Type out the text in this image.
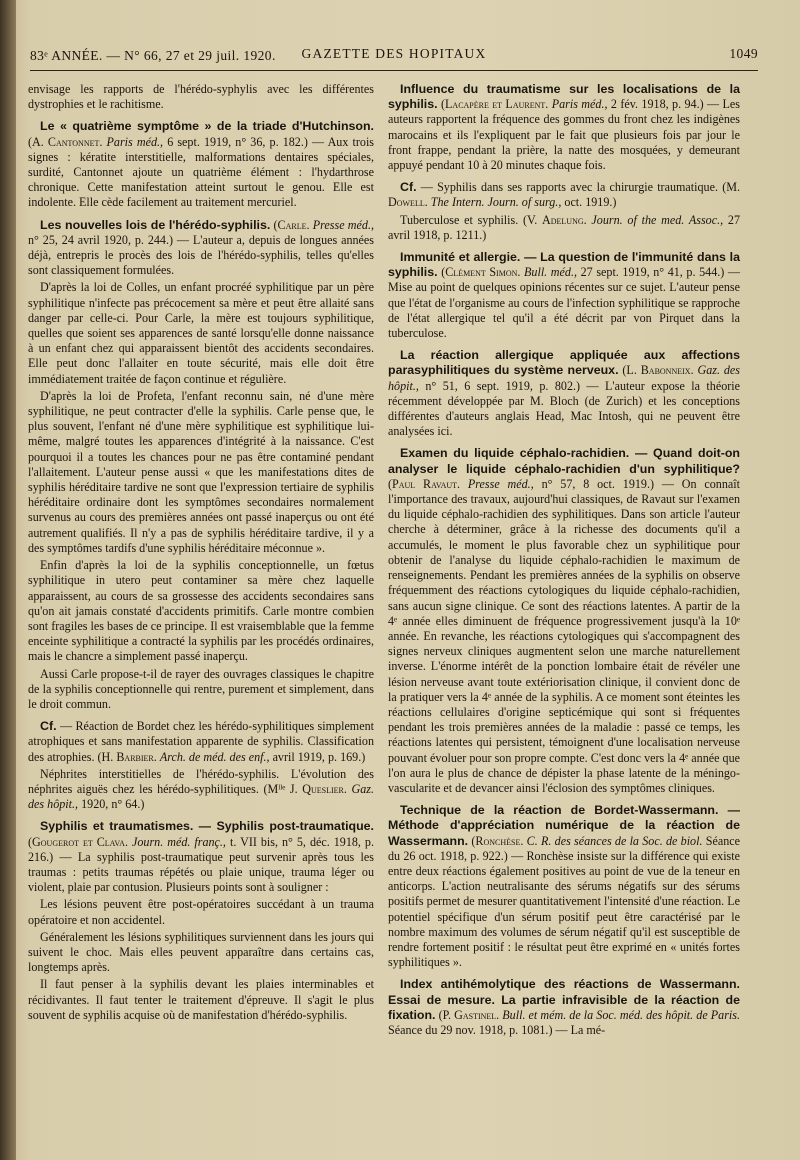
83ᵉ ANNÉE. — N° 66, 27 et 29 juil. 1920.	GAZETTE DES HOPITAUX	1049

envisage les rapports de l'hérédo-syphylis avec les différentes dystrophies et le rachitisme.

Le « quatrième symptôme » de la triade d'Hutchinson. (A. Cantonnet. Paris méd., 6 sept. 1919, n° 36, p. 182.) — Aux trois signes : kératite interstitielle, malformations dentaires spéciales, surdité, Cantonnet ajoute un quatrième élément : l'hydarthrose chronique. Cette manifestation atteint surtout le genou. Elle est indolente. Elle cède facilement au traitement mercuriel.

Les nouvelles lois de l'hérédo-syphilis. (Carle. Presse méd., n° 25, 24 avril 1920, p. 244.) — L'auteur a, depuis de longues années déjà, entrepris le procès des lois de l'hérédo-syphilis, telles qu'elles sont classiquement formulées.

D'après la loi de Colles, un enfant procréé syphilitique par un père syphilitique n'infecte pas précocement sa mère et peut être allaité sans danger par celle-ci. Pour Carle, la mère est toujours syphilitique, quelles que soient ses apparences de santé lorsqu'elle donne naissance à un enfant chez qui apparaissent bientôt des accidents secondaires. Elle peut donc l'allaiter en toute sécurité, mais elle doit être immédiatement traitée de façon continue et régulière.

D'après la loi de Profeta, l'enfant reconnu sain, né d'une mère syphilitique, ne peut contracter d'elle la syphilis. Carle pense que, le plus souvent, l'enfant né d'une mère syphilitique est syphilitique lui-même, malgré toutes les apparences d'intégrité à la naissance. C'est pourquoi il a toutes les chances pour ne pas être contaminé pendant l'allaitement. L'auteur pense aussi « que les manifestations dites de syphilis héréditaire tardive ne sont que l'expression tertiaire de syphilis héréditaire ordinaire dont les symptômes secondaires normalement survenus au cours des premières années ont passé inaperçus ou ont été autrement qualifiés. Il n'y a pas de syphilis héréditaire tardive, il y a des symptômes tardifs d'une syphilis héréditaire méconnue ».

Enfin d'après la loi de la syphilis conceptionnelle, un fœtus syphilitique in utero peut contaminer sa mère chez laquelle apparaissent, au cours de sa grossesse des accidents secondaires sans qu'on ait jamais constaté d'accidents primitifs. Carle montre combien sont fragiles les bases de ce principe. Il est vraisemblable que la femme enceinte syphilitique a contracté la syphilis par les procédés ordinaires, mais le chancre a simplement passé inaperçu.

Aussi Carle propose-t-il de rayer des ouvrages classiques le chapitre de la syphilis conceptionnelle qui rentre, purement et simplement, dans le droit commun.

Cf. — Réaction de Bordet chez les hérédo-syphilitiques simplement atrophiques et sans manifestation apparente de syphilis. Classification des atrophies. (H. Barbier. Arch. de méd. des enf., avril 1919, p. 169.)

Néphrites interstitielles de l'hérédo-syphilis. L'évolution des néphrites aiguës chez les hérédo-syphilitiques. (Mˡˡᵉ J. Queslier. Gaz. des hôpit., 1920, n° 64.)

Syphilis et traumatismes. — Syphilis post-traumatique. (Gougerot et Clava. Journ. méd. franç., t. VII bis, n° 5, déc. 1918, p. 216.) — La syphilis post-traumatique peut survenir après tous les traumas : petits traumas répétés ou plaie unique, trauma léger ou violent, plaie par contusion. Plusieurs points sont à souligner :

Les lésions peuvent être post-opératoires succédant à un trauma opératoire et non accidentel.

Généralement les lésions syphilitiques surviennent dans les jours qui suivent le choc. Mais elles peuvent apparaître dans certains cas, longtemps après.

Il faut penser à la syphilis devant les plaies interminables et récidivantes. Il faut tenter le traitement d'épreuve. Il s'agit le plus souvent de syphilis acquise où de manifestation d'hérédo-syphilis.

Influence du traumatisme sur les localisations de la syphilis. (Lacapère et Laurent. Paris méd., 2 fév. 1918, p. 94.) — Les auteurs rapportent la fréquence des gommes du front chez les indigènes marocains et ils l'expliquent par le fait que plusieurs fois par jour le front frappe, pendant la prière, la natte des mosquées, y demeurant appuyé pendant 10 à 20 minutes chaque fois.

Cf. — Syphilis dans ses rapports avec la chirurgie traumatique. (M. Dowell. The Intern. Journ. of surg., oct. 1919.)

Tuberculose et syphilis. (V. Adelung. Journ. of the med. Assoc., 27 avril 1918, p. 1211.)

Immunité et allergie. — La question de l'immunité dans la syphilis. (Clément Simon. Bull. méd., 27 sept. 1919, n° 41, p. 544.) — Mise au point de quelques opinions récentes sur ce sujet. L'auteur pense que l'état de l'organisme au cours de l'infection syphilitique se rapproche de l'état allergique tel qu'il a été décrit par von Pirquet dans la tuberculose.

La réaction allergique appliquée aux affections parasyphilitiques du système nerveux. (L. Babonneix. Gaz. des hôpit., n° 51, 6 sept. 1919, p. 802.) — L'auteur expose la théorie récemment développée par M. Bloch (de Zurich) et les conceptions différentes d'auteurs anglais Head, Mac Intosh, qui ne peuvent être analysées ici.

Examen du liquide céphalo-rachidien. — Quand doit-on analyser le liquide céphalo-rachidien d'un syphilitique? (Paul Ravaut. Presse méd., n° 57, 8 oct. 1919.) — On connaît l'importance des travaux, aujourd'hui classiques, de Ravaut sur l'examen du liquide céphalo-rachidien des syphilitiques. Dans son article l'auteur cherche à déterminer, grâce à la richesse des documents qu'il a accumulés, le moment le plus favorable chez un syphilitique pour obtenir de l'analyse du liquide céphalo-rachidien le maximum de renseignements. Pendant les premières années de la syphilis on observe fréquemment des réactions cytologiques du liquide céphalo-rachidien, sans aucun signe clinique. Ce sont des réactions latentes. A partir de la 4ᵉ année elles diminuent de fréquence progressivement jusqu'à la 10ᵉ année. En revanche, les réactions cytologiques qui s'accompagnent des signes nerveux cliniques augmentent selon une marche naturellement inverse. L'énorme intérêt de la ponction lombaire était de révéler une lésion nerveuse avant toute extériorisation clinique, il convient donc de la pratiquer vers la 4ᵉ année de la syphilis. A ce moment sont éteintes les réactions cellulaires d'origine septicémique qui sont si fréquentes pendant les trois premières années de la maladie : passé ce temps, les réactions latentes qui persistent, témoignent d'une localisation nerveuse pouvant évoluer pour son propre compte. C'est donc vers la 4ᵉ année que l'on aura le plus de chance de dépister la phase latente de la méningo-vascularite et de devancer ainsi l'éclosion des symptômes cliniques.

Technique de la réaction de Bordet-Wassermann. — Méthode d'appréciation numérique de la réaction de Wassermann. (Ronchèse. C. R. des séances de la Soc. de biol. Séance du 26 oct. 1918, p. 922.) — Ronchèse insiste sur la différence qui existe entre deux réactions également positives au point de vue de la teneur en anticorps. L'action neutralisante des sérums négatifs sur des sérums positifs permet de mesurer quantitativement l'intensité d'une réaction. Le potentiel spécifique d'un sérum positif peut être caractérisé par le nombre maximum des volumes de sérum négatif qu'il est susceptible de rendre fortement positif : le résultat peut être exprimé en « unités fortes syphilitiques ».

Index antihémolytique des réactions de Wassermann. Essai de mesure. La partie infravisible de la réaction de fixation. (P. Gastinel. Bull. et mém. de la Soc. méd. des hôpit. de Paris. Séance du 29 nov. 1918, p. 1081.) — La mé-
